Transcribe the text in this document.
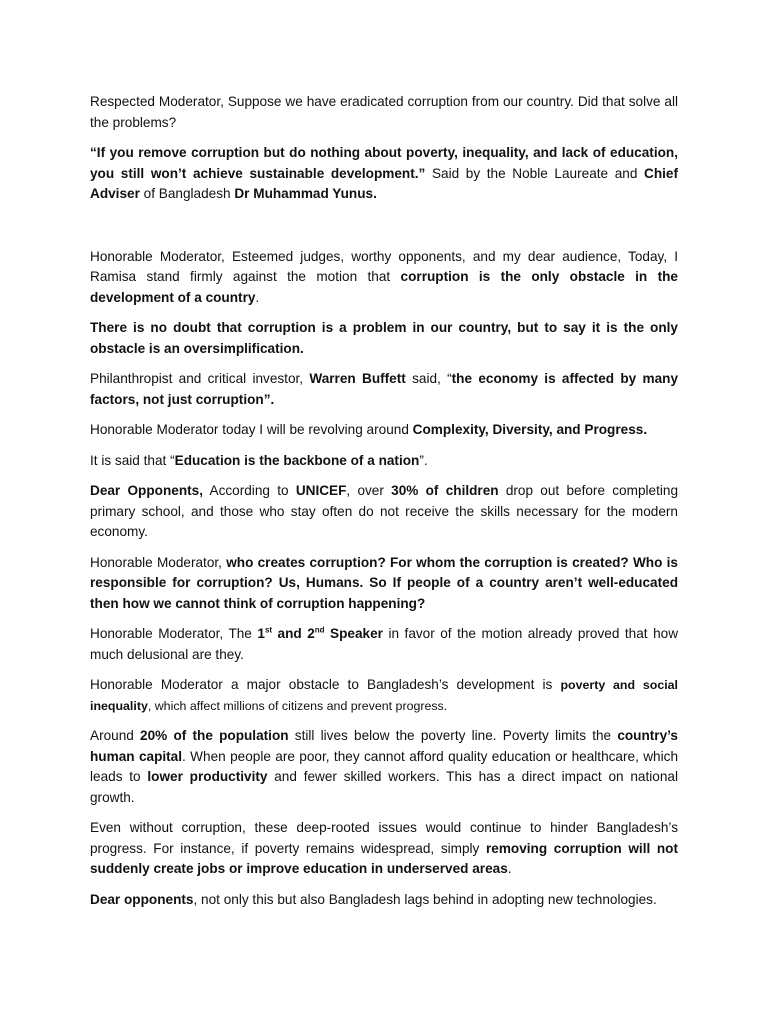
Respected Moderator, Suppose we have eradicated corruption from our country. Did that solve all the problems?

“If you remove corruption but do nothing about poverty, inequality, and lack of education, you still won’t achieve sustainable development.” Said by the Noble Laureate and Chief Adviser of Bangladesh Dr Muhammad Yunus.

Honorable Moderator, Esteemed judges, worthy opponents, and my dear audience, Today, I Ramisa stand firmly against the motion that corruption is the only obstacle in the development of a country.

There is no doubt that corruption is a problem in our country, but to say it is the only obstacle is an oversimplification.

Philanthropist and critical investor, Warren Buffett said, “the economy is affected by many factors, not just corruption”.

Honorable Moderator today I will be revolving around Complexity, Diversity, and Progress.

It is said that “Education is the backbone of a nation”.

Dear Opponents, According to UNICEF, over 30% of children drop out before completing primary school, and those who stay often do not receive the skills necessary for the modern economy.

Honorable Moderator, who creates corruption? For whom the corruption is created? Who is responsible for corruption? Us, Humans. So If people of a country aren’t well-educated then how we cannot think of corruption happening?

Honorable Moderator, The 1st and 2nd Speaker in favor of the motion already proved that how much delusional are they.

Honorable Moderator a major obstacle to Bangladesh’s development is poverty and social inequality, which affect millions of citizens and prevent progress.

Around 20% of the population still lives below the poverty line. Poverty limits the country’s human capital. When people are poor, they cannot afford quality education or healthcare, which leads to lower productivity and fewer skilled workers. This has a direct impact on national growth.

Even without corruption, these deep-rooted issues would continue to hinder Bangladesh’s progress. For instance, if poverty remains widespread, simply removing corruption will not suddenly create jobs or improve education in underserved areas.

Dear opponents, not only this but also Bangladesh lags behind in adopting new technologies.
